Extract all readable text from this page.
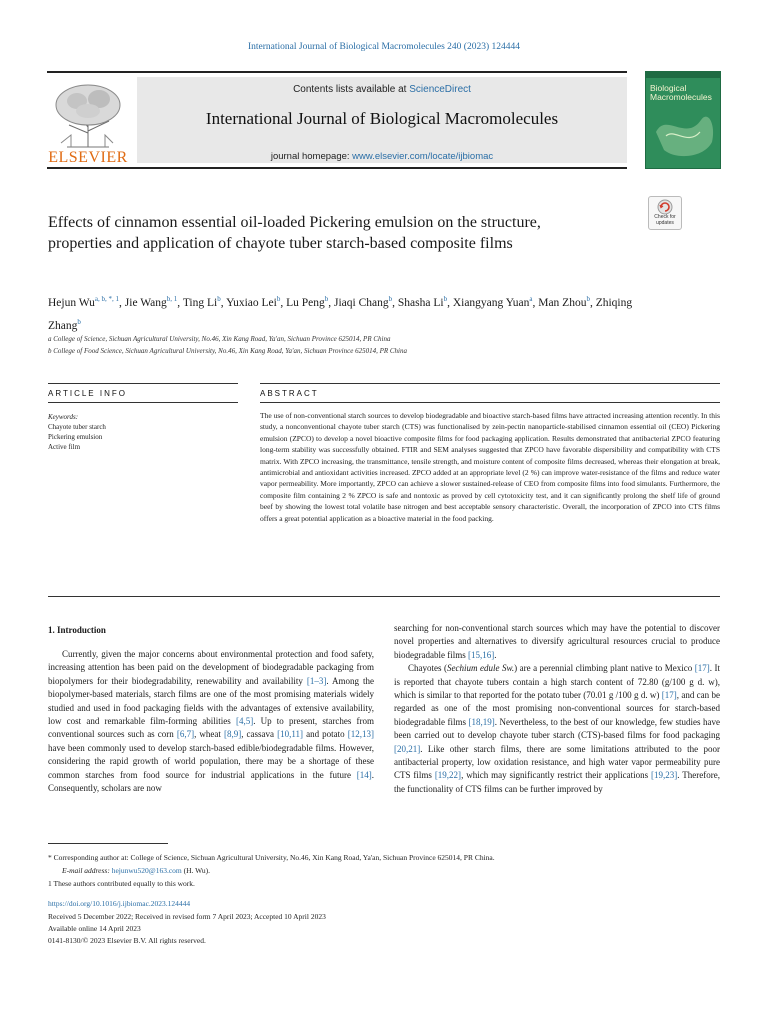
International Journal of Biological Macromolecules 240 (2023) 124444
ELSEVIER
Contents lists available at ScienceDirect
International Journal of Biological Macromolecules
journal homepage: www.elsevier.com/locate/ijbiomac
Biological
Macromolecules
Check for
updates
Effects of cinnamon essential oil-loaded Pickering emulsion on the structure, properties and application of chayote tuber starch-based composite films
Hejun $Wu^{a, b, *, 1}$, Jie Wang$^{b, 1}$, Ting Li$^b$, Yuxiao Lei$^b$, Lu Peng$^b$, Jiaqi Chang$^b$, Shasha Li$^b$, Xiangyang Yuan$^a$, Man Zhou$^b$, Zhiqing Zhang$^b$
a College of Science, Sichuan Agricultural University, No.46, Xin Kang Road, Ya'an, Sichuan Province 625014, PR China
b College of Food Science, Sichuan Agricultural University, No.46, Xin Kang Road, Ya'an, Sichuan Province 625014, PR China
ARTICLE INFO	ABSTRACT
Keywords:
Chayote tuber starch
Pickering emulsion
Active film
The use of non-conventional starch sources to develop biodegradable and bioactive starch-based films have attracted increasing attention recently. In this study, a nonconventional chayote tuber starch (CTS) was functionalised by zein-pectin nanoparticle-stabilised cinnamon essential oil (CEO) Pickering emulsion (ZPCO) to develop a novel bioactive composite films for food packaging application. Results demonstrated that antibacterial ZPCO featuring long-term stability was successfully obtained. FTIR and SEM analyses suggested that ZPCO have favorable dispersibility and compatibility with CTS matrix. With ZPCO increasing, the transmittance, tensile strength, and moisture content of composite films decreased, whereas their elongation at break, antimicrobial and antioxidant activities increased. ZPCO added at an appropriate level (2 %) can improve water-resistance of the films and reduce water vapor permeability. More importantly, ZPCO can achieve a slower sustained-release of CEO from composite films into food simulants. Furthermore, the composite film containing 2 % ZPCO is safe and nontoxic as proved by cell cytotoxicity test, and it can significantly prolong the shelf life of ground beef by showing the lowest total volatile base nitrogen and best acceptable sensory characteristic. Overall, the incorporation of ZPCO into CTS films offers a great potential application as a bioactive material in the food packing.
1. Introduction

Currently, given the major concerns about environmental protection and food safety, increasing attention has been paid on the development of biodegradable packaging from biopolymers for their biodegradability, renewability and availability [1–3]. Among the biopolymer-based materials, starch films are one of the most promising materials widely studied and used in food packaging fields with the advantages of extensive availability, low cost and remarkable film-forming abilities [4,5]. Up to present, starches from conventional sources such as corn [6,7], wheat [8,9], cassava [10,11] and potato [12,13] have been commonly used to develop starch-based edible/biodegradable films. However, considering the rapid growth of world population, there may be a shortage of these common starches from food source for industrial applications in the future [14]. Consequently, scholars are now

searching for non-conventional starch sources which may have the potential to discover novel properties and alternatives to diversify agricultural resources crucial to produce biodegradable films [15,16].

Chayotes (Sechium edule Sw.) are a perennial climbing plant native to Mexico [17]. It is reported that chayote tubers contain a high starch content of 72.80 (g/100 g d. w), which is similar to that reported for the potato tuber (70.01 g /100 g d. w) [17], and can be regarded as one of the most promising non-conventional sources for starch-based biodegradable films [18,19]. Nevertheless, to the best of our knowledge, few studies have been carried out to develop chayote tuber starch (CTS)-based films for food packaging [20,21]. Like other starch films, there are some limitations attributed to the poor antibacterial property, low oxidation resistance, and high water vapor permeability pure CTS films [19,22], which may significantly restrict their applications [19,23]. Therefore, the functionality of CTS films can be further improved by

* Corresponding author at: College of Science, Sichuan Agricultural University, No.46, Xin Kang Road, Ya'an, Sichuan Province 625014, PR China.
E-mail address: hejunwu520@163.com (H. Wu).
1 These authors contributed equally to this work.
https://doi.org/10.1016/j.ijbiomac.2023.124444
Received 5 December 2022; Received in revised form 7 April 2023; Accepted 10 April 2023
Available online 14 April 2023
0141-8130/© 2023 Elsevier B.V. All rights reserved.
